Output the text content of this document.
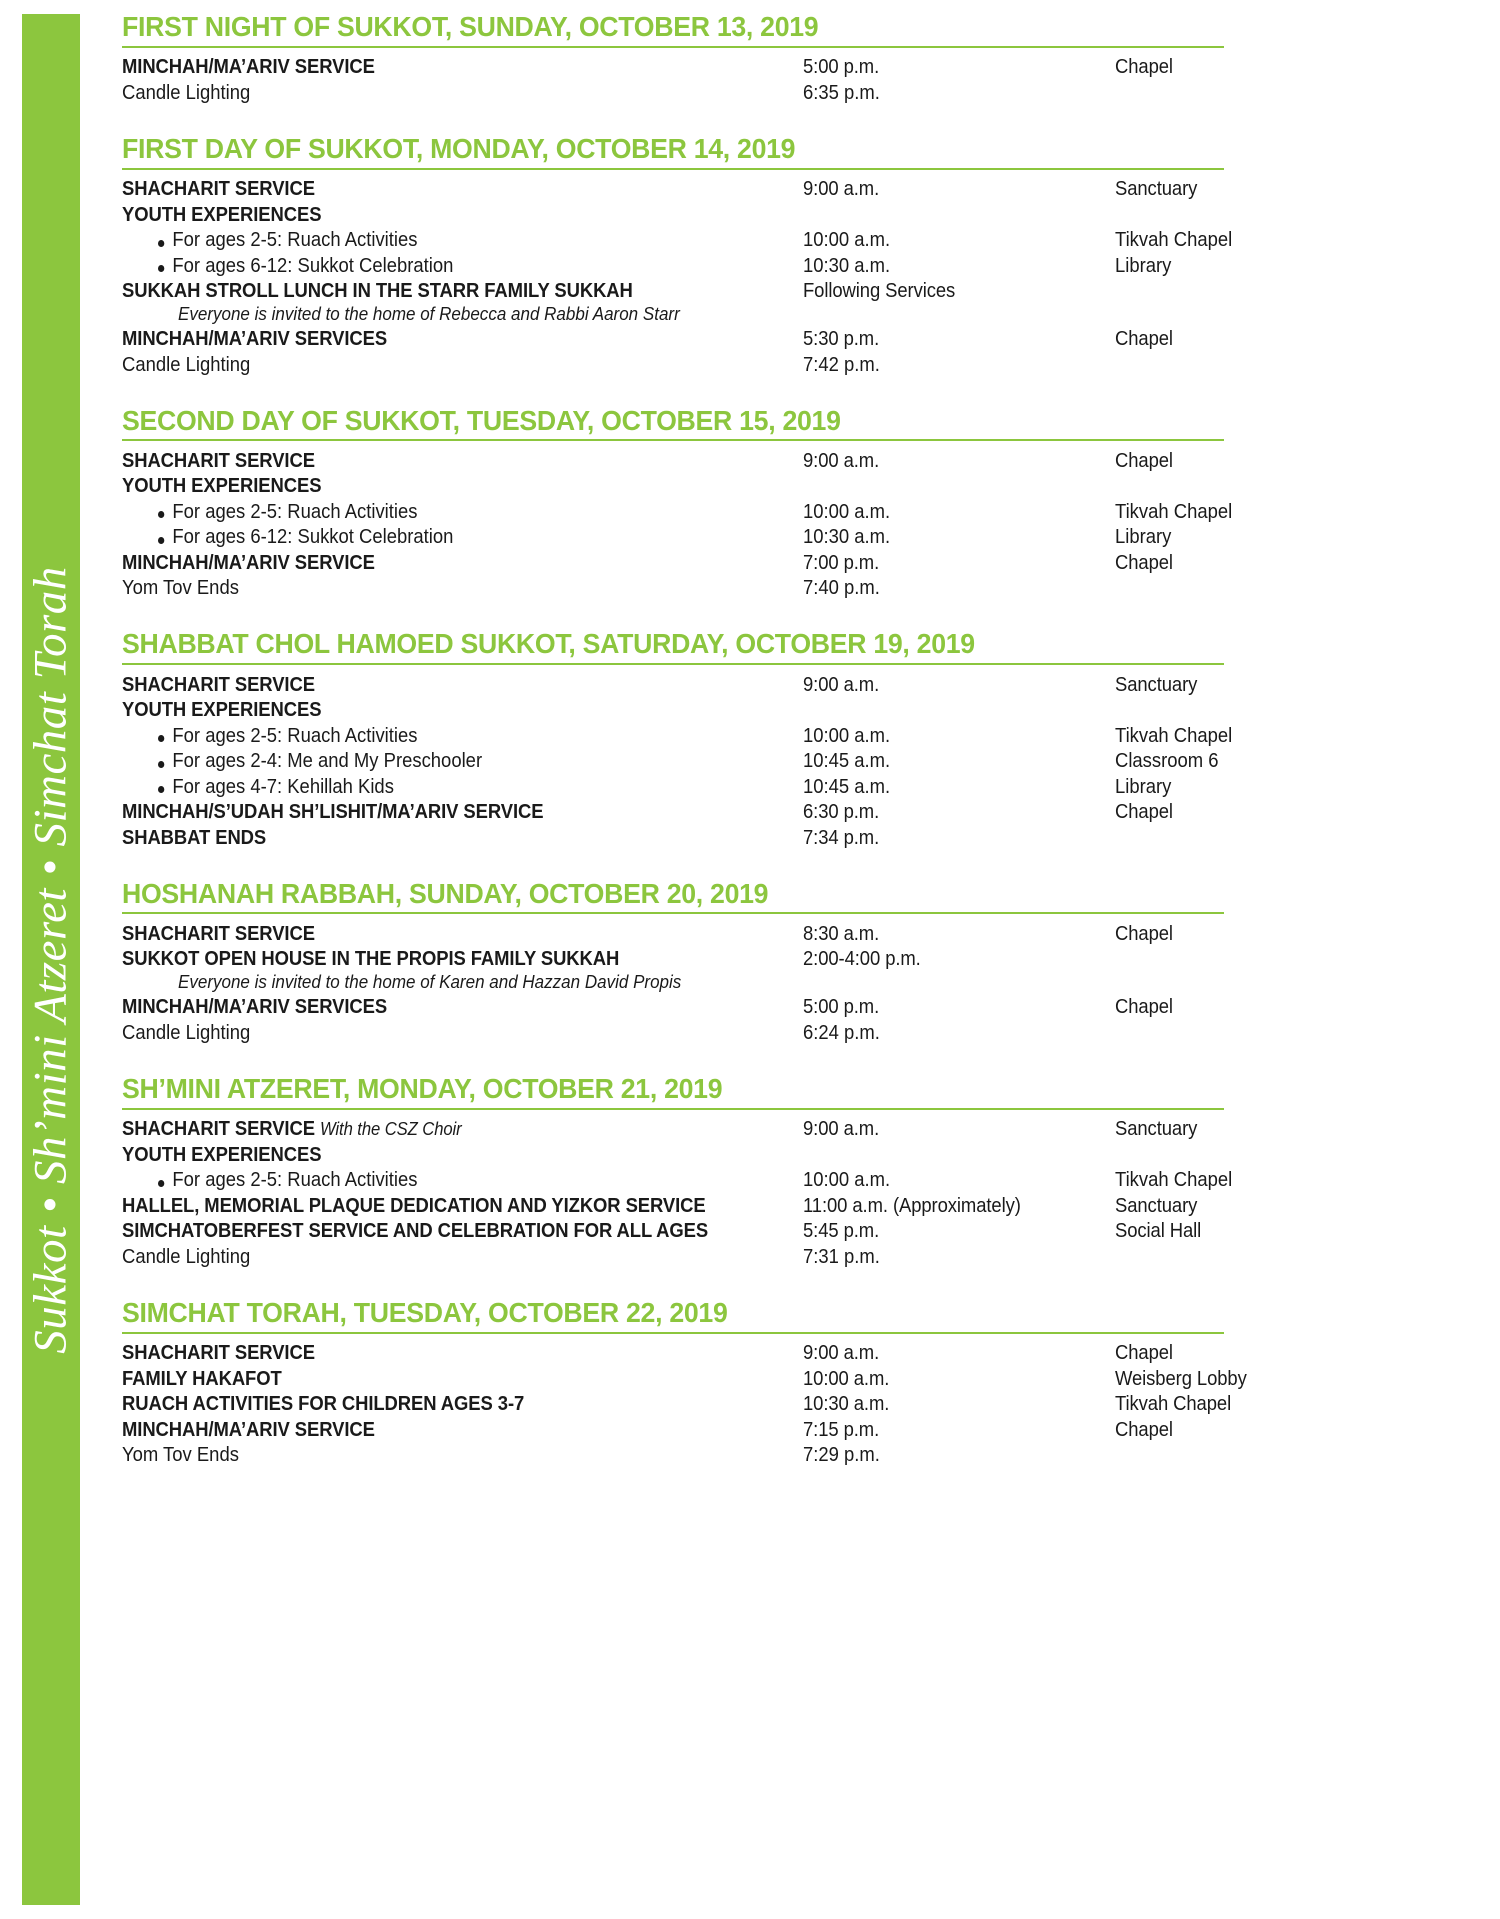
Sukkot • Sh’mini Atzeret • Simchat Torah
FIRST NIGHT OF SUKKOT, SUNDAY, OCTOBER 13, 2019
MINCHAH/MA’ARIV SERVICE	5:00 p.m.	Chapel
Candle Lighting	6:35 p.m.
FIRST DAY OF SUKKOT, MONDAY, OCTOBER 14, 2019
SHACHARIT SERVICE	9:00 a.m.	Sanctuary
YOUTH EXPERIENCES
For ages 2-5: Ruach Activities	10:00 a.m.	Tikvah Chapel
For ages 6-12: Sukkot Celebration	10:30 a.m.	Library
SUKKAH STROLL LUNCH IN THE STARR FAMILY SUKKAH	Following Services
Everyone is invited to the home of Rebecca and Rabbi Aaron Starr
MINCHAH/MA’ARIV SERVICES	5:30 p.m.	Chapel
Candle Lighting	7:42 p.m.
SECOND DAY OF SUKKOT, TUESDAY, OCTOBER 15, 2019
SHACHARIT SERVICE	9:00 a.m.	Chapel
YOUTH EXPERIENCES
For ages 2-5: Ruach Activities	10:00 a.m.	Tikvah Chapel
For ages 6-12: Sukkot Celebration	10:30 a.m.	Library
MINCHAH/MA’ARIV SERVICE	7:00 p.m.	Chapel
Yom Tov Ends	7:40 p.m.
SHABBAT CHOL HAMOED SUKKOT, SATURDAY, OCTOBER 19, 2019
SHACHARIT SERVICE	9:00 a.m.	Sanctuary
YOUTH EXPERIENCES
For ages 2-5: Ruach Activities	10:00 a.m.	Tikvah Chapel
For ages 2-4: Me and My Preschooler	10:45 a.m.	Classroom 6
For ages 4-7: Kehillah Kids	10:45 a.m.	Library
MINCHAH/S’UDAH SH’LISHIT/MA’ARIV SERVICE	6:30 p.m.	Chapel
SHABBAT ENDS	7:34 p.m.
HOSHANAH RABBAH, SUNDAY, OCTOBER 20, 2019
SHACHARIT SERVICE	8:30 a.m.	Chapel
SUKKOT OPEN HOUSE IN THE PROPIS FAMILY SUKKAH	2:00-4:00 p.m.
Everyone is invited to the home of Karen and Hazzan David Propis
MINCHAH/MA’ARIV SERVICES	5:00 p.m.	Chapel
Candle Lighting	6:24 p.m.
SH’MINI ATZERET, MONDAY, OCTOBER 21, 2019
SHACHARIT SERVICE With the CSZ Choir	9:00 a.m.	Sanctuary
YOUTH EXPERIENCES
For ages 2-5: Ruach Activities	10:00 a.m.	Tikvah Chapel
HALLEL, MEMORIAL PLAQUE DEDICATION AND YIZKOR SERVICE	11:00 a.m. (Approximately)	Sanctuary
SIMCHATOBERFEST SERVICE AND CELEBRATION FOR ALL AGES	5:45 p.m.	Social Hall
Candle Lighting	7:31 p.m.
SIMCHAT TORAH, TUESDAY, OCTOBER 22, 2019
SHACHARIT SERVICE	9:00 a.m.	Chapel
FAMILY HAKAFOT	10:00 a.m.	Weisberg Lobby
RUACH ACTIVITIES FOR CHILDREN AGES 3-7	10:30 a.m.	Tikvah Chapel
MINCHAH/MA’ARIV SERVICE	7:15 p.m.	Chapel
Yom Tov Ends	7:29 p.m.
